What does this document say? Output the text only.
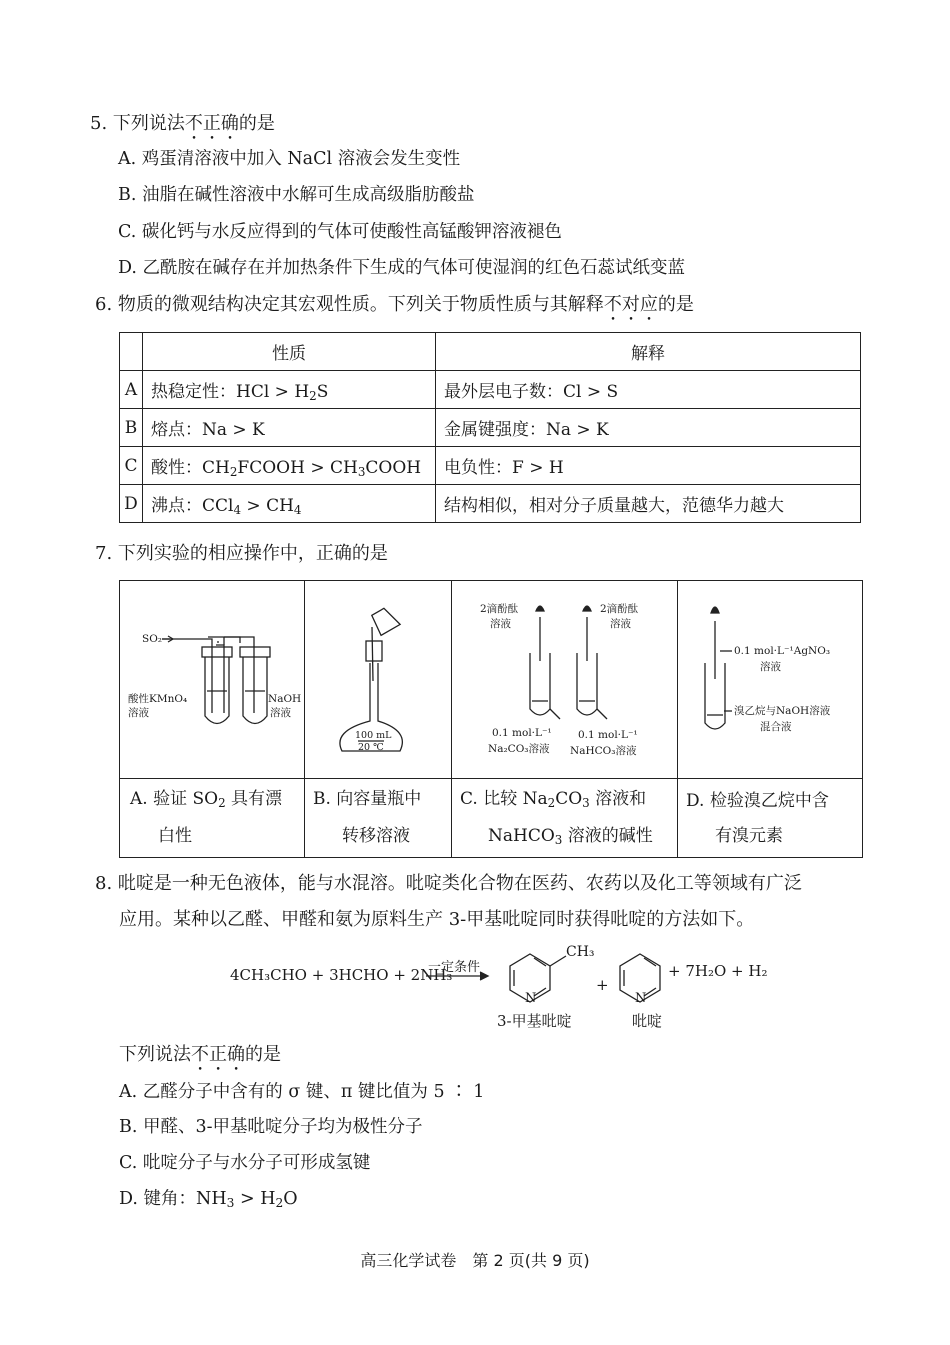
5. 下列说法不正确的是
A. 鸡蛋清溶液中加入 NaCl 溶液会发生变性
B. 油脂在碱性溶液中水解可生成高级脂肪酸盐
C. 碳化钙与水反应得到的气体可使酸性高锰酸钾溶液褪色
D. 乙酰胺在碱存在并加热条件下生成的气体可使湿润的红色石蕊试纸变蓝
6. 物质的微观结构决定其宏观性质。下列关于物质性质与其解释不对应的是
	性质	解释
A	热稳定性：HCl > $H_2S$	最外层电子数：Cl > S
B	熔点：Na > K	金属键强度：Na > K
C	酸性：$CH_2FCOOH$ > $CH_3COOH$	电负性：F > H
D	沸点：$CCl_4 > CH_4$	结构相似，相对分子质量越大，范德华力越大
7. 下列实验的相应操作中，正确的是
SO₂
酸性KMnO₄
溶液
NaOH
溶液
100 mL
20 ℃
2滴酚酞
溶液
2滴酚酞
溶液
0.1 mol·L⁻¹
Na₂CO₃溶液
0.1 mol·L⁻¹
NaHCO₃溶液
0.1 mol·L⁻¹AgNO₃
溶液
溴乙烷与NaOH溶液
混合液
A. 验证 $SO_2$ 具有漂
白性
B. 向容量瓶中
转移溶液
C. 比较 $Na_2CO_3$ 溶液和
NaHCO$_3$ 溶液的碱性
D. 检验溴乙烷中含
有溴元素
8. 吡啶是一种无色液体，能与水混溶。吡啶类化合物在医药、农药以及化工等领域有广泛
应用。某种以乙醛、甲醛和氨为原料生产 3-甲基吡啶同时获得吡啶的方法如下。
4CH₃CHO + 3HCHO + 2NH₃
一定条件
CH₃
N
+
N
+ 7H₂O + H₂
3-甲基吡啶	吡啶
下列说法不正确的是
A. 乙醛分子中含有的 σ 键、π 键比值为 5 ∶ 1
B. 甲醛、3-甲基吡啶分子均为极性分子
C. 吡啶分子与水分子可形成氢键
D. 键角：$NH_3 > H_2O$
高三化学试卷　第 2 页(共 9 页)
